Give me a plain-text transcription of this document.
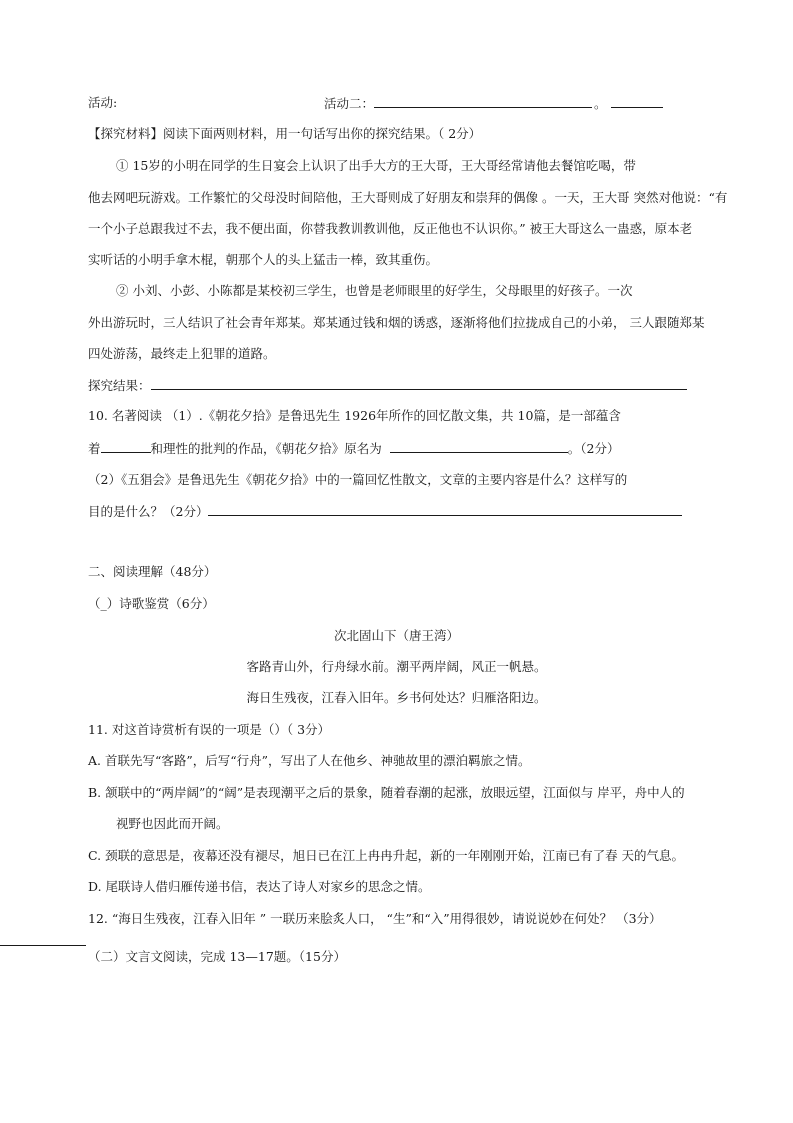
活动:	活动二：	。
【探究材料】阅读下面两则材料，用一句话写出你的探究结果。（ 2分）
① 15岁的小明在同学的生日宴会上认识了出手大方的王大哥，王大哥经常请他去餐馆吃喝，带
他去网吧玩游戏。工作繁忙的父母没时间陪他，王大哥则成了好朋友和崇拜的偶像 。一天，王大哥 突然对他说：“有
一个小子总跟我过不去，我不便出面，你替我教训教训他，反正他也不认识你。” 被王大哥这么一蛊惑，原本老
实听话的小明手拿木棍，朝那个人的头上猛击一棒，致其重伤。
② 小刘、小彭、小陈都是某校初三学生，也曾是老师眼里的好学生，父母眼里的好孩子。一次
外出游玩时，三人结识了社会青年郑某。郑某通过钱和烟的诱惑，逐渐将他们拉拢成自己的小弟， 三人跟随郑某
四处游荡，最终走上犯罪的道路。
探究结果：
10. 名著阅读 （1）.《朝花夕拾》是鲁迅先生 1926年所作的回忆散文集，共 10篇，是一部蕴含
着	和理性的批判的作品，《朝花夕拾》原名为	。（2分）
（2）《五猖会》是鲁迅先生《朝花夕拾》中的一篇回忆性散文，文章的主要内容是什么？这样写的
目的是什么？（2分）
二、阅读理解（48分）
（_）诗歌鉴赏（6分）
次北固山下（唐王湾）
客路青山外，行舟绿水前。潮平两岸阔，风正一帆悬。
海日生残夜，江春入旧年。乡书何处达？归雁洛阳边。
11. 对这首诗赏析有误的一项是（）（ 3分）
A. 首联先写“客路”，后写“行舟”，写出了人在他乡、神驰故里的漂泊羁旅之情。
B. 颔联中的“两岸阔”的“阔”是表现潮平之后的景象，随着春潮的起涨，放眼远望，江面似与 岸平，舟中人的
视野也因此而开阔。
C. 颈联的意思是，夜幕还没有褪尽，旭日已在江上冉冉升起，新的一年刚刚开始，江南已有了春 天的气息。
D. 尾联诗人借归雁传递书信，表达了诗人对家乡的思念之情。
12. “海日生残夜，江春入旧年 ” 一联历来脍炙人口， “生”和“入”用得很妙，请说说妙在何处？ （3分）
（二）文言文阅读，完成 13—17题。（15分）
